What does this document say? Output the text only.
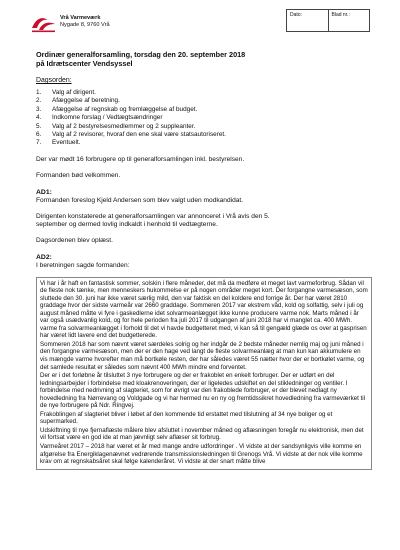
Vrå Varmeværk
Nygade 8, 9760 Vrå
Dato:	Blad nr.:

Ordinær generalforsamling, torsdag den 20. september 2018

på Idrætscenter Vendsyssel

Dagsorden:
1.	Valg af dirigent.
2.	Afæggelse af beretning.
3.	Afæggelse af regnskab og fremlæggelse af budget.
4.	Indkomne forslag / Vedtægtsændringer
5.	Valg af 2 bestyrelsesmedlemmer og 2 suppleanter.
6.	Valg af 2 revisorer, hvoraf den ene skal være statsautoriseret.
7.	Eventuelt.

Der var mødt 16 forbrugere op til generalforsamlingen inkl. bestyrelsen.

Formanden bød velkommen.

AD1:

Formanden foreslog Kjeld Andersen som blev valgt uden modkandidat.

Dirigenten konstaterede at generalforsamlingen var annonceret i Vrå avis den 5.

september og dermed lovlig indkaldt i henhold til vedtægterne.

Dagsordenen blev oplæst.

AD2:

I beretningen sagde formanden:

Vi har i år haft en fantastisk sommer, solskin i flere måneder, det må da medføre et meget lavt varmeforbrug. Sådan vil de fleste nok tænke, men menneskers hukommelse er på nogen områder meget kort. Der forgangne varmesæson, som sluttede den 30. juni har ikke været særlig mild, den var faktisk en del koldere end forrige år. Der har været 2810 graddage hvor der sidste varmeår var 2660 graddage. Sommeren 2017 var ekstrem våd, kold og solfattig, selv i juli og august måned måtte vi fyre i gaskedlerne idet solvarmeanlægget ikke kunne producere varme nok. Marts måned i år var også usædvanlig kold, og for hele perioden fra juli 2017 til udgangen af juni 2018 har vi manglet ca. 400 MWh. varme fra solvarmeanlægget i forhold til det vi havde budgetteret med, vi kan så til gengæld glæde os over at gasprisen har været lidt lavere end det budgetterede.

Sommeren 2018 har som nævnt været særdeles solrig og her indgår de 2 bedste måneder nemlig maj og juni måned i den forgangne varmesæson, men der er den hage ved langt de fleste solvarmeanlæg at man kun kan akkumulere en vis mængde varme hvorefter man må bortkøle resten, der har således været 55 nætter hvor der er bortkølet varme, og det samlede resultat er således som nævnt 400 MWh mindre end forventet.

Der er i det forløbne år tilsluttet 3 nye forbrugere og der er frakoblet en enkelt forbruger. Der er udført en del ledningsarbejder i forbindelse med kloakrenoveringen, der er ligeledes udskiftet en del stikledninger og ventiler. I forbindelse med nedrivning af slagteriet, som for øvrigt var den frakoblede forbruger, er der blevet nedlagt ny hovedledning fra Nørrevang og Voldgade og vi har hermed nu en ny og fremtidssikret hovedledning fra varmeværket til de nye forbrugere på Ndr. Ringvej.

Frakoblingen af slagteriet bliver i løbet af den kommende tid erstattet med tilslutning af 34 nye boliger og et supermarked.

Udskiftning til nye fjernaflæste målere blev afsluttet i november måned og aflæsningen foregår nu elektronisk, men det vil fortsat være en god ide at man jævnligt selv aflæser sit forbrug.

Varmeåret 2017 – 2018 har været et år med mange andre udfordringer . Vi vidste at der sandsynligvis ville komme en afgørelse fra Energiklagenævnet vedrørende transmissionsledningen til Grenogs Vrå. Vi vidste at der nok ville komme krav om at regnskabsåret skal følge kalenderåret. Vi vidste at der snart måtte blive
